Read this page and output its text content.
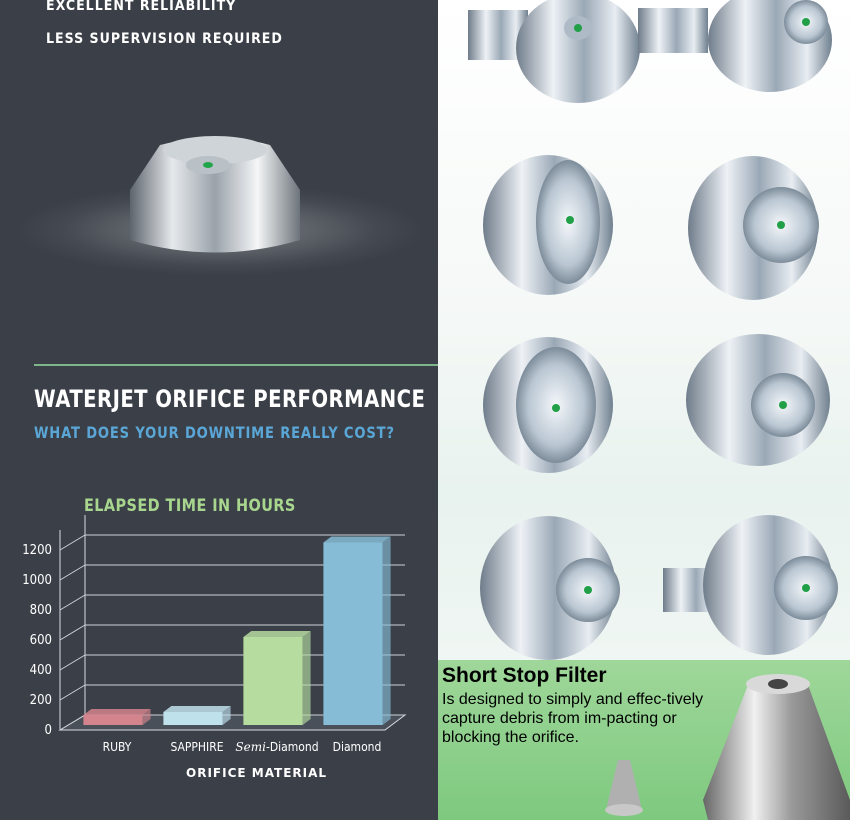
EXCELLENT RELIABILITY
LESS SUPERVISION REQUIRED
WATERJET ORIFICE PERFORMANCE
WHAT DOES YOUR DOWNTIME REALLY COST?
ELAPSED TIME IN HOURS
0
200
400
600
800
1000
1200
RUBY	SAPPHIRE Semi-Diamond Diamond
ORIFICE MATERIAL
Short Stop Filter
Is designed to simply and effec-tively capture debris from im-pacting or blocking the orifice.
